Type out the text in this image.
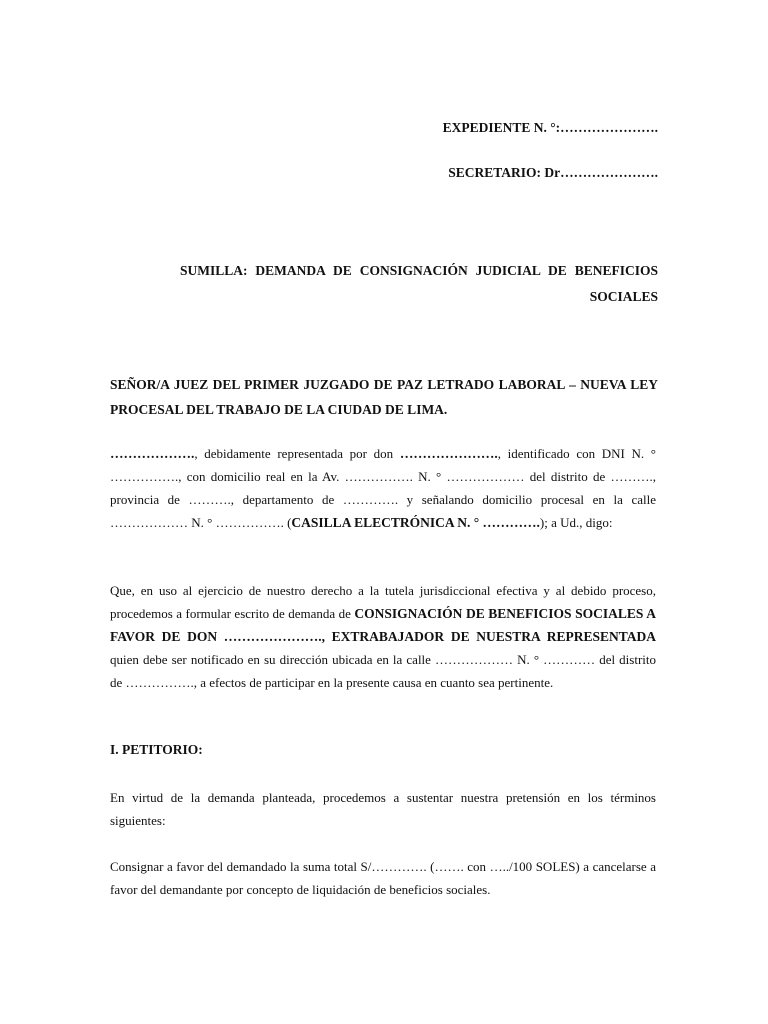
EXPEDIENTE N. °:………………….
SECRETARIO: Dr………………….
SUMILLA: DEMANDA DE CONSIGNACIÓN JUDICIAL DE BENEFICIOS SOCIALES
SEÑOR/A JUEZ DEL PRIMER JUZGADO DE PAZ LETRADO LABORAL – NUEVA LEY PROCESAL DEL TRABAJO DE LA CIUDAD DE LIMA.
………………., debidamente representada por don …………………., identificado con DNI N. ° ……………., con domicilio real en la Av. ……………. N. ° ……………… del distrito de ………., provincia de ………., departamento de …………. y señalando domicilio procesal en la calle ……………… N. ° ……………. (CASILLA ELECTRÓNICA N. ° ………….); a Ud., digo:
Que, en uso al ejercicio de nuestro derecho a la tutela jurisdiccional efectiva y al debido proceso, procedemos a formular escrito de demanda de CONSIGNACIÓN DE BENEFICIOS SOCIALES A FAVOR DE DON …………………., EXTRABAJADOR DE NUESTRA REPRESENTADA quien debe ser notificado en su dirección ubicada en la calle ……………… N. ° ………… del distrito de ……………., a efectos de participar en la presente causa en cuanto sea pertinente.
I. PETITORIO:
En virtud de la demanda planteada, procedemos a sustentar nuestra pretensión en los términos siguientes:
Consignar a favor del demandado la suma total S/…………. (……. con …../100 SOLES) a cancelarse a favor del demandante por concepto de liquidación de beneficios sociales.
